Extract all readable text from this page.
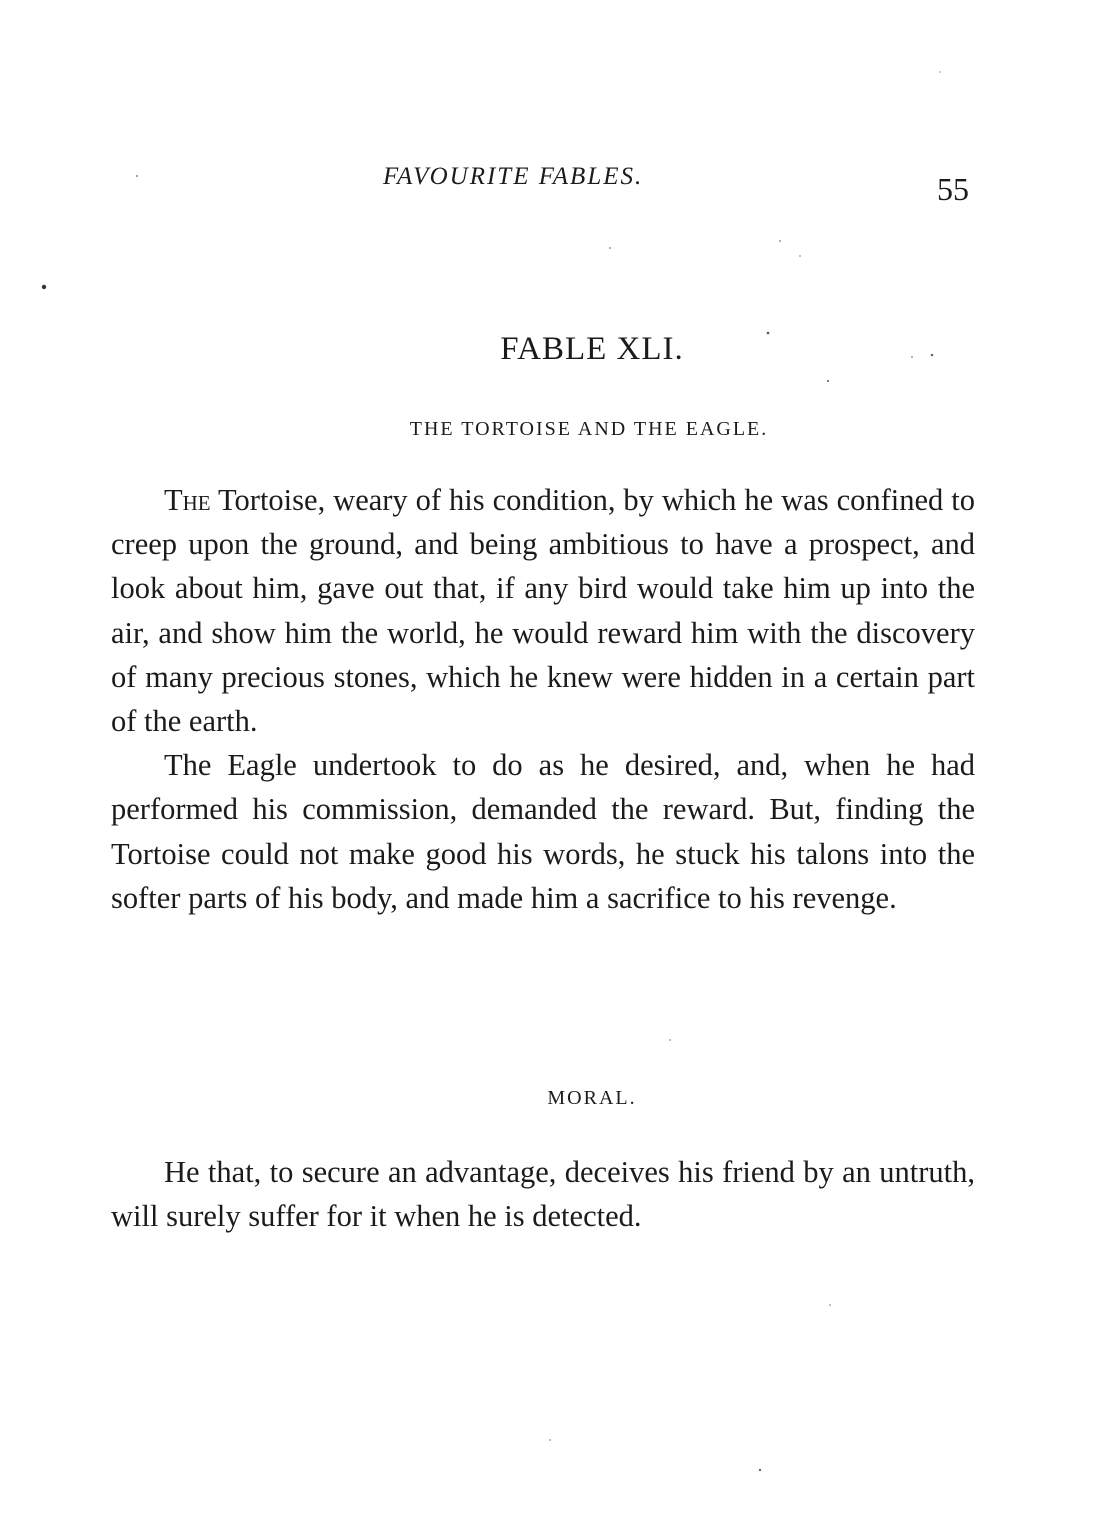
FAVOURITE FABLES.	55
FABLE XLI.
THE TORTOISE AND THE EAGLE.

The Tortoise, weary of his condition, by which he was confined to creep upon the ground, and being ambitious to have a prospect, and look about him, gave out that, if any bird would take him up into the air, and show him the world, he would reward him with the discovery of many precious stones, which he knew were hidden in a certain part of the earth.

The Eagle undertook to do as he desired, and, when he had performed his commission, demanded the reward. But, finding the Tortoise could not make good his words, he stuck his talons into the softer parts of his body, and made him a sacrifice to his revenge.

MORAL.

He that, to secure an advantage, deceives his friend by an untruth, will surely suffer for it when he is detected.
